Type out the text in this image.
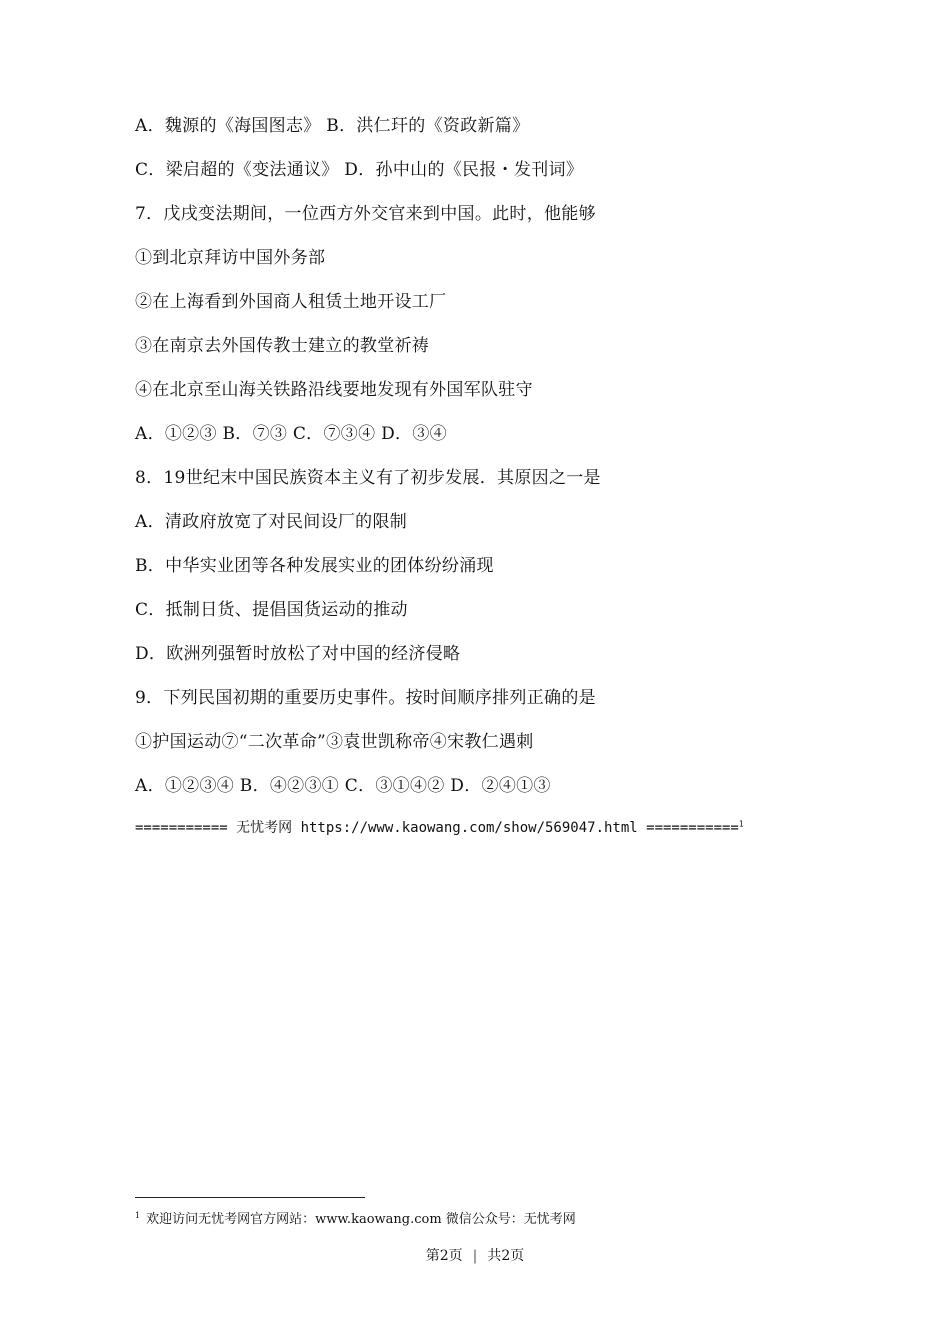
A．魏源的《海国图志》 B．洪仁玕的《资政新篇》
C．梁启超的《变法通议》 D．孙中山的《民报・发刊词》
7．戊戌变法期间，一位西方外交官来到中国。此时，他能够
①到北京拜访中国外务部
②在上海看到外国商人租赁土地开设工厂
③在南京去外国传教士建立的教堂祈祷
④在北京至山海关铁路沿线要地发现有外国军队驻守
A．①②③ B．⑦③ C．⑦③④ D．③④
8．19世纪末中国民族资本主义有了初步发展．其原因之一是
A．清政府放宽了对民间设厂的限制
B．中华实业团等各种发展实业的团体纷纷涌现
C．抵制日货、提倡国货运动的推动
D．欧洲列强暂时放松了对中国的经济侵略
9．下列民国初期的重要历史事件。按时间顺序排列正确的是
①护国运动⑦“二次革命”③袁世凯称帝④宋教仁遇刺
A．①②③④ B．④②③① C．③①④② D．②④①③
=========== 无忧考网 https://www.kaowang.com/show/569047.html ===========$^1$
$^1$ 欢迎访问无忧考网官方网站：www.kaowang.com 微信公众号：无忧考网
第2页 | 共2页
